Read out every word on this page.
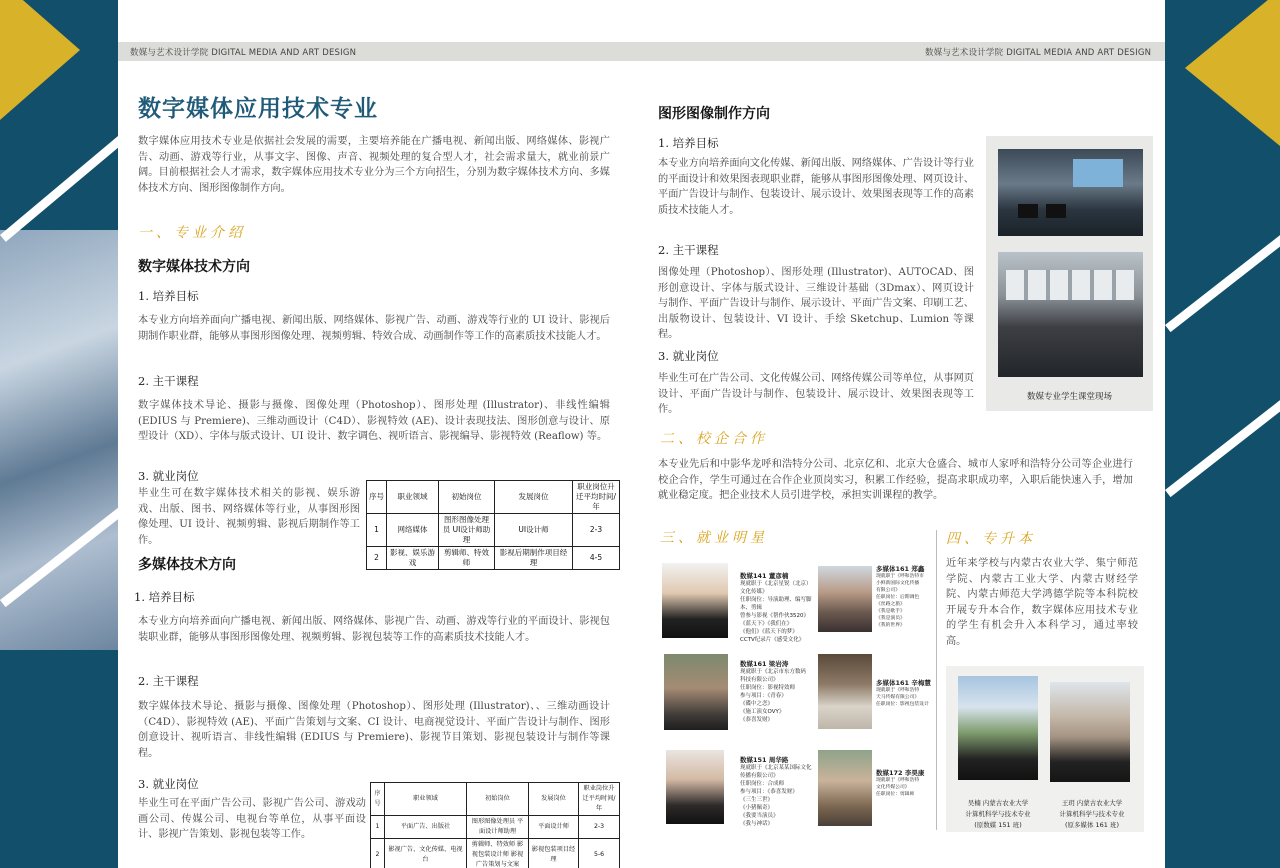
数媒与艺术设计学院 DIGITAL MEDIA AND ART DESIGN	数媒与艺术设计学院 DIGITAL MEDIA AND ART DESIGN
数字媒体应用技术专业
数字媒体应用技术专业是依据社会发展的需要，主要培养能在广播电视、新闻出版、网络媒体、影视广告、动画、游戏等行业，从事文字、图像、声音、视频处理的复合型人才，社会需求量大，就业前景广阔。目前根据社会人才需求，数字媒体应用技术专业分为三个方向招生，分别为数字媒体技术方向、多媒体技术方向、图形图像制作方向。
一、专业介绍
数字媒体技术方向
1. 培养目标
本专业方向培养面向广播电视、新闻出版、网络媒体、影视广告、动画、游戏等行业的 UI 设计、影视后期制作职业群，能够从事图形图像处理、视频剪辑、特效合成、动画制作等工作的高素质技术技能人才。
2. 主干课程
数字媒体技术导论、摄影与摄像、图像处理（Photoshop）、图形处理 (Illustrator)、非线性编辑 (EDIUS 与 Premiere)、三维动画设计（C4D）、影视特效 (AE)、设计表现技法、图形创意与设计、原型设计（XD）、字体与版式设计、UI 设计、数字调色、视听语言、影视编导、影视特效 (Reaflow) 等。
3. 就业岗位
毕业生可在数字媒体技术相关的影视、娱乐游戏、出版、图书、网络媒体等行业，从事图形图像处理、UI 设计、视频剪辑、影视后期制作等工作。
序号	职业领域	初始岗位	发展岗位	职业岗位升迁平均时间/年
1	网络媒体	图形图像处理员 UI设计师助理	UI设计师	2-3
2	影视、娱乐游戏	剪辑师、特效师	影视后期制作项目经理	4-5
多媒体技术方向
1. 培养目标
本专业方向培养面向广播电视、新闻出版、网络媒体、影视广告、动画、游戏等行业的平面设计、影视包装职业群，能够从事图形图像处理、视频剪辑、影视包装等工作的高素质技术技能人才。
2. 主干课程
数字媒体技术导论、摄影与摄像、图像处理（Photoshop）、图形处理 (Illustrator)、、三维动画设计（C4D）、影视特效 (AE)、平面广告策划与文案、CI 设计、电商视觉设计、平面广告设计与制作、图形创意设计、视听语言、非线性编辑 (EDIUS 与 Premiere)、影视节目策划、影视包装设计与制作等课程。
3. 就业岗位
毕业生可在平面广告公司、影视广告公司、游戏动画公司、传媒公司、电视台等单位，从事平面设计、影视广告策划、影视包装等工作。
序号	职业领域	初始岗位	发展岗位	职业岗位升迁平均时间/年
1	平面广告、出版社	图形图像处理员 平面设计师助理	平面设计师	2-3
2	影视广告、文化传媒、电视台	剪辑师、特效师 影视包装设计师 影视广告策划与文案	影视包装项目经理	5-6
图形图像制作方向
1. 培养目标
本专业方向培养面向文化传媒、新闻出版、网络媒体、广告设计等行业的平面设计和效果图表现职业群，能够从事图形图像处理、网页设计、平面广告设计与制作、包装设计、展示设计、效果图表现等工作的高素质技术技能人才。
2. 主干课程
图像处理（Photoshop）、图形处理 (Illustrator)、AUTOCAD、图形创意设计、字体与版式设计、三维设计基础（3Dmax）、网页设计与制作、平面广告设计与制作、展示设计、平面广告文案、印刷工艺、出版物设计、包装设计、VI 设计、手绘 Sketchup、Lumion 等课程。
3. 就业岗位
毕业生可在广告公司、文化传媒公司、网络传媒公司等单位，从事网页设计、平面广告设计与制作、包装设计、展示设计、效果图表现等工作。
数媒专业学生课堂现场
二、校企合作
本专业先后和中影华龙呼和浩特分公司、北京亿和、北京大仓盛合、城市人家呼和浩特分公司等企业进行校企合作，学生可通过在合作企业顶岗实习，积累工作经验，提高求职成功率，入职后能快速入手，增加就业稳定度。把企业技术人员引进学校，承担实训课程的教学。
三、就业明星
数媒141 董彦楠
现就职于《北京星锐（北京）
文化传媒》
任职岗位：导演助理、编写脚
本、剪辑
曾参与影视《帮作伙3520》
《蓝天下》《我们在》
《他们》《蓝天下的梦》
CCTV纪录片《感受文化》
多媒体161 郑鑫
现就职于《呼和浩特市
小鲜新国际文化传播
有限公司》
任职岗位：后期调色
《丝路之旅》
《我是歌手》
《我是演员》
《我的世界》
数媒161 梁岩涛
现就职于《北京市东方数码
科技有限公司》
任职岗位：影视特效师
参与项目：《青春》
《碟中之恋》
《施工演女OVY》
《恭喜发财》
多媒体161 辛梅慧
现就职于《呼和浩特
天马传媒有限公司》
任职岗位：影视包装设计
数媒151 周华路
现就职于《北京某某国际文化
传播有限公司》
任职岗位：合成师
参与项目：《恭喜发财》
《三生三世》
《小猪佩奇》
《我要当演员》
《我与神话》
数媒172 李昊康
现就职于《呼和浩特
文化传媒公司》
任职岗位：剪辑师
四、专升本
近年来学校与内蒙古农业大学、集宁师范学院、内蒙古工业大学、内蒙古财经学院、内蒙古师范大学鸿德学院等本科院校开展专升本合作，数字媒体应用技术专业的学生有机会升入本科学习，通过率较高。
吴楠 内蒙古农业大学
计算机科学与技术专业
(原数媒 151 班)
王玥 内蒙古农业大学
计算机科学与技术专业
(原多媒体 161 班)
